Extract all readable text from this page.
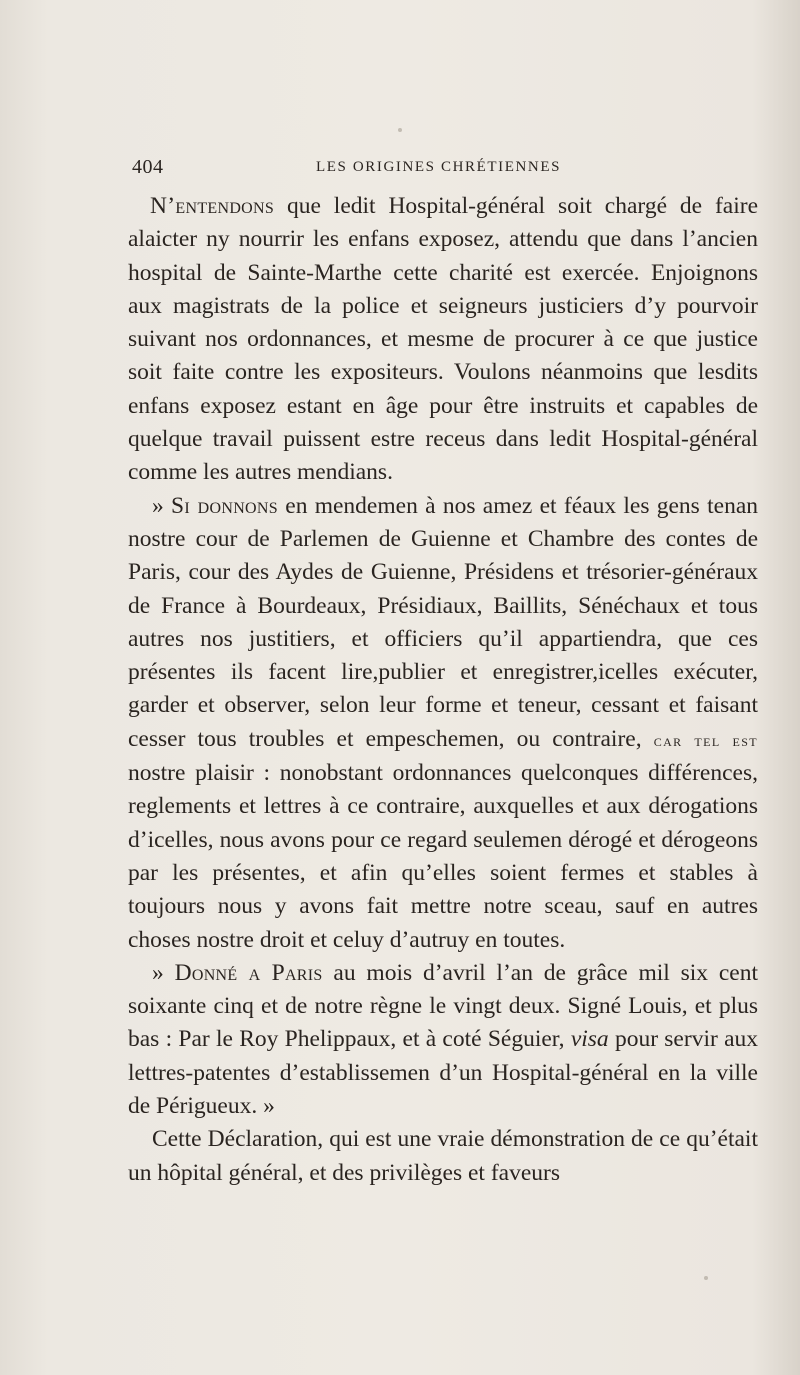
404	LES ORIGINES CHRÉTIENNES

N’entendons que ledit Hospital-général soit chargé de faire alaicter ny nourrir les enfans exposez, attendu que dans l’ancien hospital de Sainte-Marthe cette charité est exercée. Enjoignons aux magistrats de la police et seigneurs justiciers d’y pourvoir suivant nos ordonnances, et mesme de procurer à ce que justice soit faite contre les expositeurs. Voulons néanmoins que lesdits enfans exposez estant en âge pour être instruits et capables de quelque travail puissent estre receus dans ledit Hospital-général comme les autres mendians.

» Si donnons en mendemen à nos amez et féaux les gens tenan nostre cour de Parlemen de Guienne et Chambre des contes de Paris, cour des Aydes de Guienne, Présidens et trésorier-généraux de France à Bourdeaux, Présidiaux, Baillits, Sénéchaux et tous autres nos justitiers, et officiers qu’il appartiendra, que ces présentes ils facent lire,publier et enregistrer,icelles exécuter, garder et observer, selon leur forme et teneur, cessant et faisant cesser tous troubles et empeschemen, ou contraire, car tel est nostre plaisir : nonobstant ordonnances quelconques différences, reglements et lettres à ce contraire, auxquelles et aux dérogations d’icelles, nous avons pour ce regard seulemen dérogé et dérogeons par les présentes, et afin qu’elles soient fermes et stables à toujours nous y avons fait mettre notre sceau, sauf en autres choses nostre droit et celuy d’autruy en toutes.

» Donné a Paris au mois d’avril l’an de grâce mil six cent soixante cinq et de notre règne le vingt deux. Signé Louis, et plus bas : Par le Roy Phelippaux, et à coté Séguier, visa pour servir aux lettres-patentes d’establissemen d’un Hospital-général en la ville de Périgueux. »

Cette Déclaration, qui est une vraie démonstration de ce qu’était un hôpital général, et des privilèges et faveurs
